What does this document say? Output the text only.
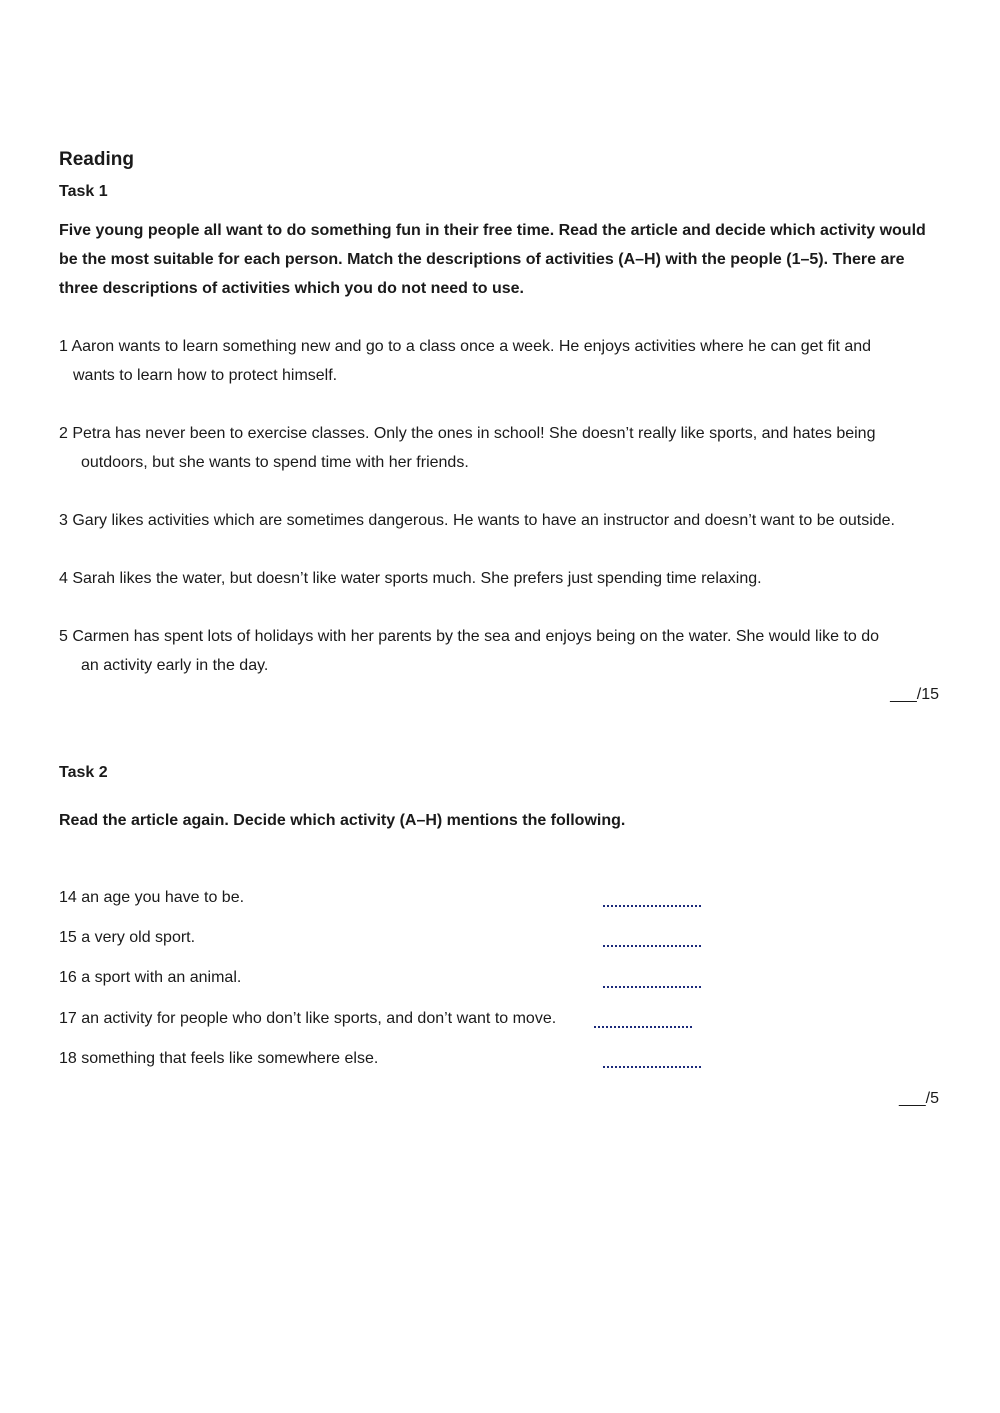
Reading
Task 1
Five young people all want to do something fun in their free time. Read the article and decide which activity would be the most suitable for each person. Match the descriptions of activities (A–H) with the people (1–5). There are three descriptions of activities which you do not need to use.
1 Aaron wants to learn something new and go to a class once a week. He enjoys activities where he can get fit and
wants to learn how to protect himself.
2 Petra has never been to exercise classes. Only the ones in school! She doesn’t really like sports, and hates being
outdoors, but she wants to spend time with her friends.
3 Gary likes activities which are sometimes dangerous. He wants to have an instructor and doesn’t want to be outside.
4 Sarah likes the water, but doesn’t like water sports much. She prefers just spending time relaxing.
5 Carmen has spent lots of holidays with her parents by the sea and enjoys being on the water. She would like to do
an activity early in the day.
___/15
Task 2
Read the article again. Decide which activity (A–H) mentions the following.
14 an age you have to be.
15 a very old sport.
16 a sport with an animal.
17 an activity for people who don’t like sports, and don’t want to move.
18 something that feels like somewhere else.
___/5
